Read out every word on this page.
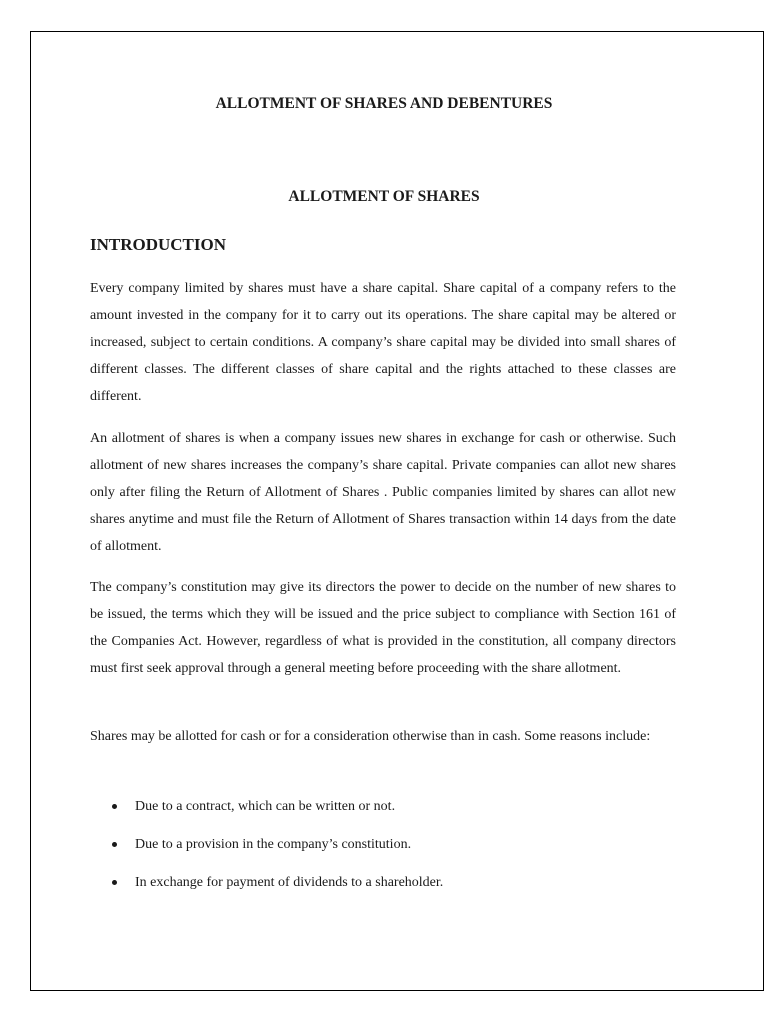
ALLOTMENT OF SHARES AND DEBENTURES
ALLOTMENT OF SHARES
INTRODUCTION

Every company limited by shares must have a share capital. Share capital of a company refers to the amount invested in the company for it to carry out its operations. The share capital may be altered or increased, subject to certain conditions. A company’s share capital may be divided into small shares of different classes. The different classes of share capital and the rights attached to these classes are different.

An allotment of shares is when a company issues new shares in exchange for cash or otherwise. Such allotment of new shares increases the company’s share capital. Private companies can allot new shares only after filing the Return of Allotment of Shares . Public companies limited by shares can allot new shares anytime and must file the Return of Allotment of Shares transaction within 14 days from the date of allotment.

The company’s constitution may give its directors the power to decide on the number of new shares to be issued, the terms which they will be issued and the price subject to compliance with Section 161 of the Companies Act. However, regardless of what is provided in the constitution, all company directors must first seek approval through a general meeting before proceeding with the share allotment.

Shares may be allotted for cash or for a consideration otherwise than in cash. Some reasons include:

Due to a contract, which can be written or not.
Due to a provision in the company’s constitution.
In exchange for payment of dividends to a shareholder.
